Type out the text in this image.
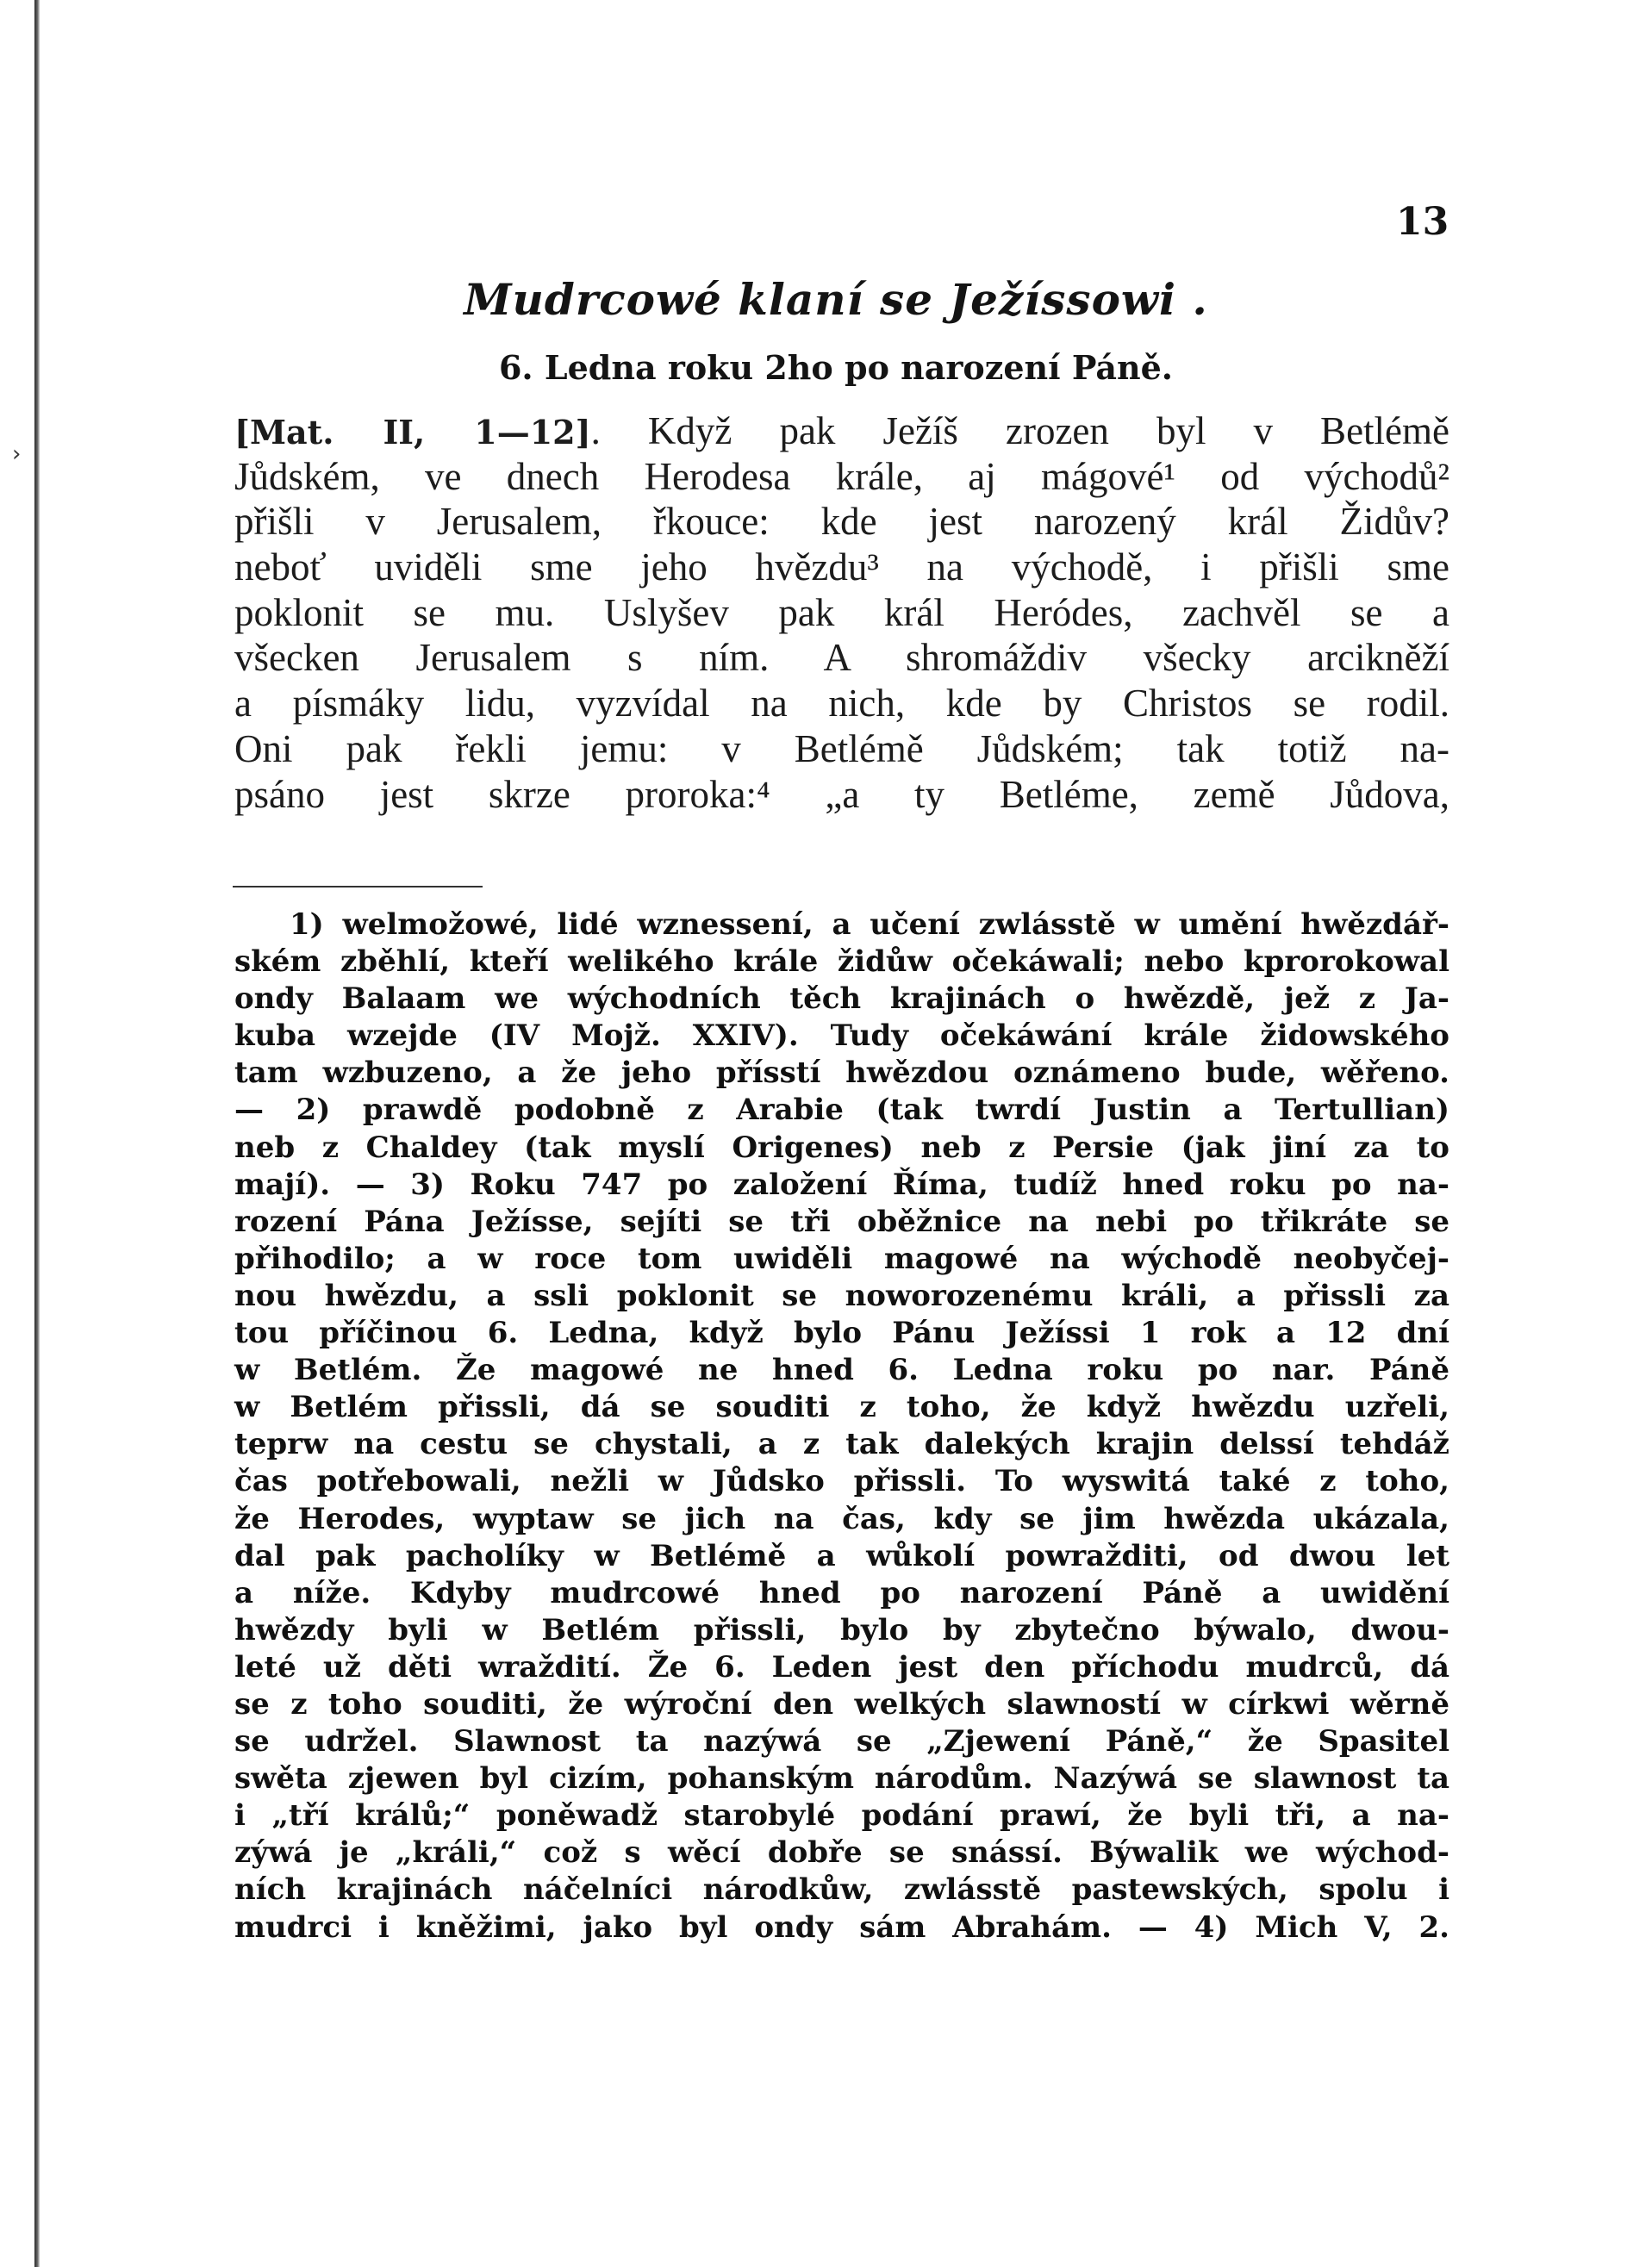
›
13
Mudrcowé klaní se Ježíssowi .
6. Ledna roku 2ho po narození Páně.
[Mat. II, 1—12]. Když pak Ježíš zrozen byl v Betlémě
Jůdském, ve dnech Herodesa krále, aj mágové¹ od východů²
přišli v Jerusalem, řkouce: kde jest narozený král Židův?
neboť uviděli sme jeho hvězdu³ na východě, i přišli sme
poklonit se mu. Uslyšev pak král Heródes, zachvěl se a
všecken Jerusalem s ním. A shromáždiv všecky arcikněží
a písmáky lidu, vyzvídal na nich, kde by Christos se rodil.
Oni pak řekli jemu: v Betlémě Jůdském; tak totiž na-
psáno jest skrze proroka:⁴ „a ty Betléme, země Jůdova,
1) welmožowé, lidé wznessení, a učení zwlásstě w umění hwězdář-
ském zběhlí, kteří welikého krále židůw očekáwali; nebo kprorokowal
ondy Balaam we wýchodních těch krajinách o hwězdě, jež z Ja-
kuba wzejde (IV Mojž. XXIV). Tudy očekáwání krále židowského
tam wzbuzeno, a že jeho přísstí hwězdou oznámeno bude, wěřeno.
— 2) prawdě podobně z Arabie (tak twrdí Justin a Tertullian)
neb z Chaldey (tak myslí Origenes) neb z Persie (jak jiní za to
mají). — 3) Roku 747 po založení Říma, tudíž hned roku po na-
rození Pána Ježísse, sejíti se tři oběžnice na nebi po třikráte se
přihodilo; a w roce tom uwiděli magowé na wýchodě neobyčej-
nou hwězdu, a ssli poklonit se noworozenému králi, a přissli za
tou příčinou 6. Ledna, když bylo Pánu Ježíssi 1 rok a 12 dní
w Betlém. Že magowé ne hned 6. Ledna roku po nar. Páně
w Betlém přissli, dá se souditi z toho, že když hwězdu uzřeli,
teprw na cestu se chystali, a z tak dalekých krajin delssí tehdáž
čas potřebowali, nežli w Jůdsko přissli. To wyswitá také z toho,
že Herodes, wyptaw se jich na čas, kdy se jim hwězda ukázala,
dal pak pacholíky w Betlémě a wůkolí powražditi, od dwou let
a níže. Kdyby mudrcowé hned po narození Páně a uwidění
hwězdy byli w Betlém přissli, bylo by zbytečno býwalo, dwou-
leté už děti wraždití. Že 6. Leden jest den příchodu mudrců, dá
se z toho souditi, že wýroční den welkých slawností w církwi wěrně
se udržel. Slawnost ta nazýwá se „Zjewení Páně,“ že Spasitel
swěta zjewen byl cizím, pohanským národům. Nazýwá se slawnost ta
i „tří králů;“ poněwadž starobylé podání prawí, že byli tři, a na-
zýwá je „králi,“ což s wěcí dobře se snássí. Býwalik we wýchod-
ních krajinách náčelníci národkůw, zwlásstě pastewských, spolu i
mudrci i kněžimi, jako byl ondy sám Abrahám. — 4) Mich V, 2.
